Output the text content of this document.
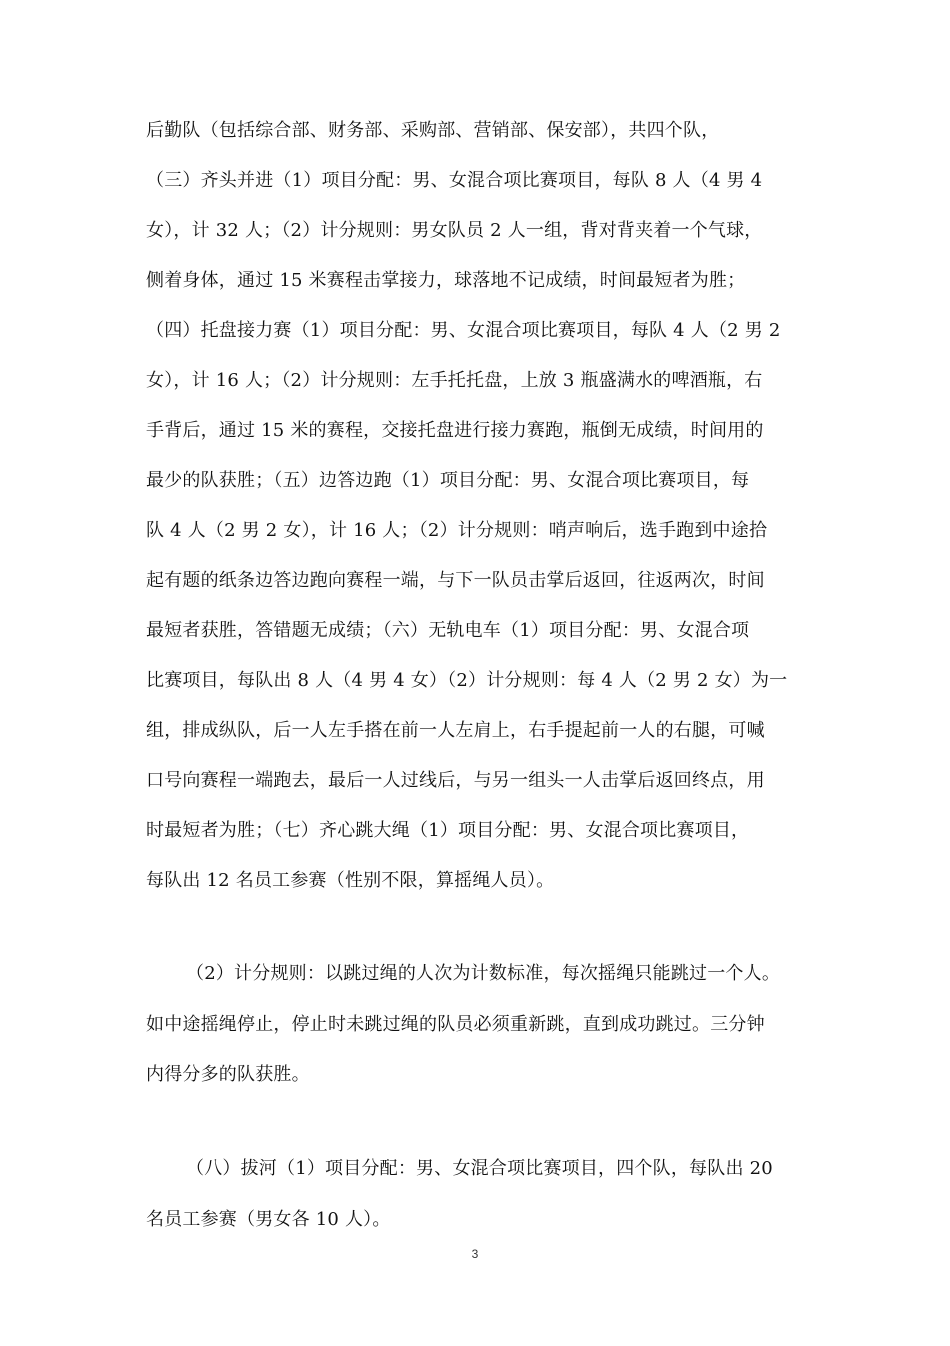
后勤队（包括综合部、财务部、采购部、营销部、保安部），共四个队，
（三）齐头并进（1）项目分配：男、女混合项比赛项目，每队 8 人（4 男 4
女），计 32 人；（2）计分规则：男女队员 2 人一组，背对背夹着一个气球，
侧着身体，通过 15 米赛程击掌接力，球落地不记成绩，时间最短者为胜；
（四）托盘接力赛（1）项目分配：男、女混合项比赛项目，每队 4 人（2 男 2
女），计 16 人；（2）计分规则：左手托托盘，上放 3 瓶盛满水的啤酒瓶，右
手背后，通过 15 米的赛程，交接托盘进行接力赛跑，瓶倒无成绩，时间用的
最少的队获胜；（五）边答边跑（1）项目分配：男、女混合项比赛项目，每
队 4 人（2 男 2 女），计 16 人；（2）计分规则：哨声响后，选手跑到中途拾
起有题的纸条边答边跑向赛程一端，与下一队员击掌后返回，往返两次，时间
最短者获胜，答错题无成绩；（六）无轨电车（1）项目分配：男、女混合项
比赛项目，每队出 8 人（4 男 4 女）（2）计分规则：每 4 人（2 男 2 女）为一
组，排成纵队，后一人左手搭在前一人左肩上，右手提起前一人的右腿，可喊
口号向赛程一端跑去，最后一人过线后，与另一组头一人击掌后返回终点，用
时最短者为胜；（七）齐心跳大绳（1）项目分配：男、女混合项比赛项目，
每队出 12 名员工参赛（性别不限，算摇绳人员）。
（2）计分规则：以跳过绳的人次为计数标准，每次摇绳只能跳过一个人。
如中途摇绳停止，停止时未跳过绳的队员必须重新跳，直到成功跳过。三分钟
内得分多的队获胜。
（八）拔河（1）项目分配：男、女混合项比赛项目，四个队，每队出 20
名员工参赛（男女各 10 人）。
3
